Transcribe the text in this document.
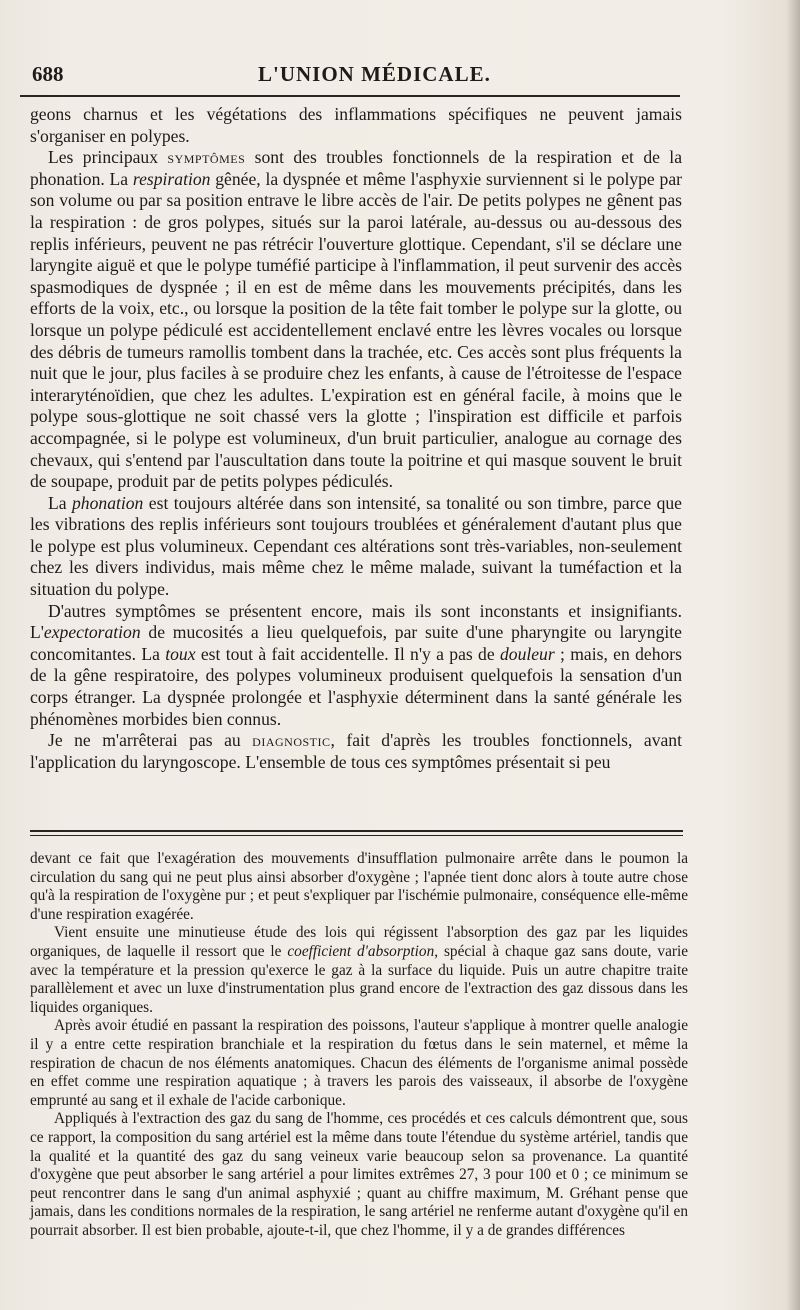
688	L'UNION MÉDICALE.

geons charnus et les végétations des inflammations spécifiques ne peuvent jamais s'organiser en polypes.

Les principaux symptômes sont des troubles fonctionnels de la respiration et de la phonation. La respiration gênée, la dyspnée et même l'asphyxie surviennent si le polype par son volume ou par sa position entrave le libre accès de l'air. De petits polypes ne gênent pas la respiration : de gros polypes, situés sur la paroi latérale, au-dessus ou au-dessous des replis inférieurs, peuvent ne pas rétrécir l'ouverture glottique. Cependant, s'il se déclare une laryngite aiguë et que le polype tuméfié participe à l'inflammation, il peut survenir des accès spasmodiques de dyspnée ; il en est de même dans les mouvements précipités, dans les efforts de la voix, etc., ou lorsque la position de la tête fait tomber le polype sur la glotte, ou lorsque un polype pédiculé est accidentellement enclavé entre les lèvres vocales ou lorsque des débris de tumeurs ramollis tombent dans la trachée, etc. Ces accès sont plus fréquents la nuit que le jour, plus faciles à se produire chez les enfants, à cause de l'étroitesse de l'espace interaryténoïdien, que chez les adultes. L'expiration est en général facile, à moins que le polype sous-glottique ne soit chassé vers la glotte ; l'inspiration est difficile et parfois accompagnée, si le polype est volumineux, d'un bruit particulier, analogue au cornage des chevaux, qui s'entend par l'auscultation dans toute la poitrine et qui masque souvent le bruit de soupape, produit par de petits polypes pédiculés.

La phonation est toujours altérée dans son intensité, sa tonalité ou son timbre, parce que les vibrations des replis inférieurs sont toujours troublées et généralement d'autant plus que le polype est plus volumineux. Cependant ces altérations sont très-variables, non-seulement chez les divers individus, mais même chez le même malade, suivant la tuméfaction et la situation du polype.

D'autres symptômes se présentent encore, mais ils sont inconstants et insignifiants. L'expectoration de mucosités a lieu quelquefois, par suite d'une pharyngite ou laryngite concomitantes. La toux est tout à fait accidentelle. Il n'y a pas de douleur ; mais, en dehors de la gêne respiratoire, des polypes volumineux produisent quelquefois la sensation d'un corps étranger. La dyspnée prolongée et l'asphyxie déterminent dans la santé générale les phénomènes morbides bien connus.

Je ne m'arrêterai pas au diagnostic, fait d'après les troubles fonctionnels, avant l'application du laryngoscope. L'ensemble de tous ces symptômes présentait si peu

devant ce fait que l'exagération des mouvements d'insufflation pulmonaire arrête dans le poumon la circulation du sang qui ne peut plus ainsi absorber d'oxygène ; l'apnée tient donc alors à toute autre chose qu'à la respiration de l'oxygène pur ; et peut s'expliquer par l'ischémie pulmonaire, conséquence elle-même d'une respiration exagérée.

Vient ensuite une minutieuse étude des lois qui régissent l'absorption des gaz par les liquides organiques, de laquelle il ressort que le coefficient d'absorption, spécial à chaque gaz sans doute, varie avec la température et la pression qu'exerce le gaz à la surface du liquide. Puis un autre chapitre traite parallèlement et avec un luxe d'instrumentation plus grand encore de l'extraction des gaz dissous dans les liquides organiques.

Après avoir étudié en passant la respiration des poissons, l'auteur s'applique à montrer quelle analogie il y a entre cette respiration branchiale et la respiration du fœtus dans le sein maternel, et même la respiration de chacun de nos éléments anatomiques. Chacun des éléments de l'organisme animal possède en effet comme une respiration aquatique ; à travers les parois des vaisseaux, il absorbe de l'oxygène emprunté au sang et il exhale de l'acide carbonique.

Appliqués à l'extraction des gaz du sang de l'homme, ces procédés et ces calculs démontrent que, sous ce rapport, la composition du sang artériel est la même dans toute l'étendue du système artériel, tandis que la qualité et la quantité des gaz du sang veineux varie beaucoup selon sa provenance. La quantité d'oxygène que peut absorber le sang artériel a pour limites extrêmes 27, 3 pour 100 et 0 ; ce minimum se peut rencontrer dans le sang d'un animal asphyxié ; quant au chiffre maximum, M. Gréhant pense que jamais, dans les conditions normales de la respiration, le sang artériel ne renferme autant d'oxygène qu'il en pourrait absorber. Il est bien probable, ajoute-t-il, que chez l'homme, il y a de grandes différences
